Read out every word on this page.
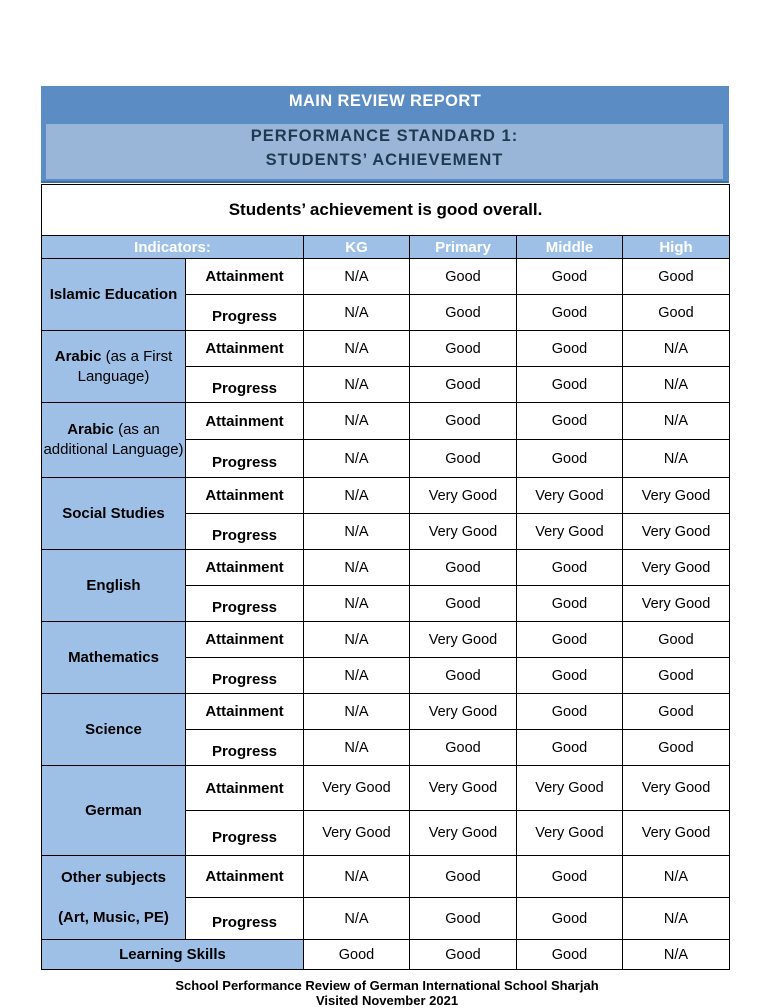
MAIN REVIEW REPORT
PERFORMANCE STANDARD 1:
STUDENTS’ ACHIEVEMENT
Students’ achievement is good overall.					
Indicators:		KG	Primary	Middle	High
Islamic Education	Attainment	N/A	Good	Good	Good
	Progress	N/A	Good	Good	Good
Arabic (as a First Language)	Attainment	N/A	Good	Good	N/A
	Progress	N/A	Good	Good	N/A
Arabic (as an additional Language)	Attainment	N/A	Good	Good	N/A
	Progress	N/A	Good	Good	N/A
Social Studies	Attainment	N/A	Very Good	Very Good	Very Good
	Progress	N/A	Very Good	Very Good	Very Good
English	Attainment	N/A	Good	Good	Very Good
	Progress	N/A	Good	Good	Very Good
Mathematics	Attainment	N/A	Very Good	Good	Good
	Progress	N/A	Good	Good	Good
Science	Attainment	N/A	Very Good	Good	Good
	Progress	N/A	Good	Good	Good
German	Attainment	Very Good	Very Good	Very Good	Very Good
	Progress	Very Good	Very Good	Very Good	Very Good
Other subjects

(Art, Music, PE)	Attainment	N/A	Good	Good	N/A
	Progress	N/A	Good	Good	N/A
Learning Skills		Good	Good	Good	N/A
School Performance Review of German International School Sharjah
Visited November 2021
